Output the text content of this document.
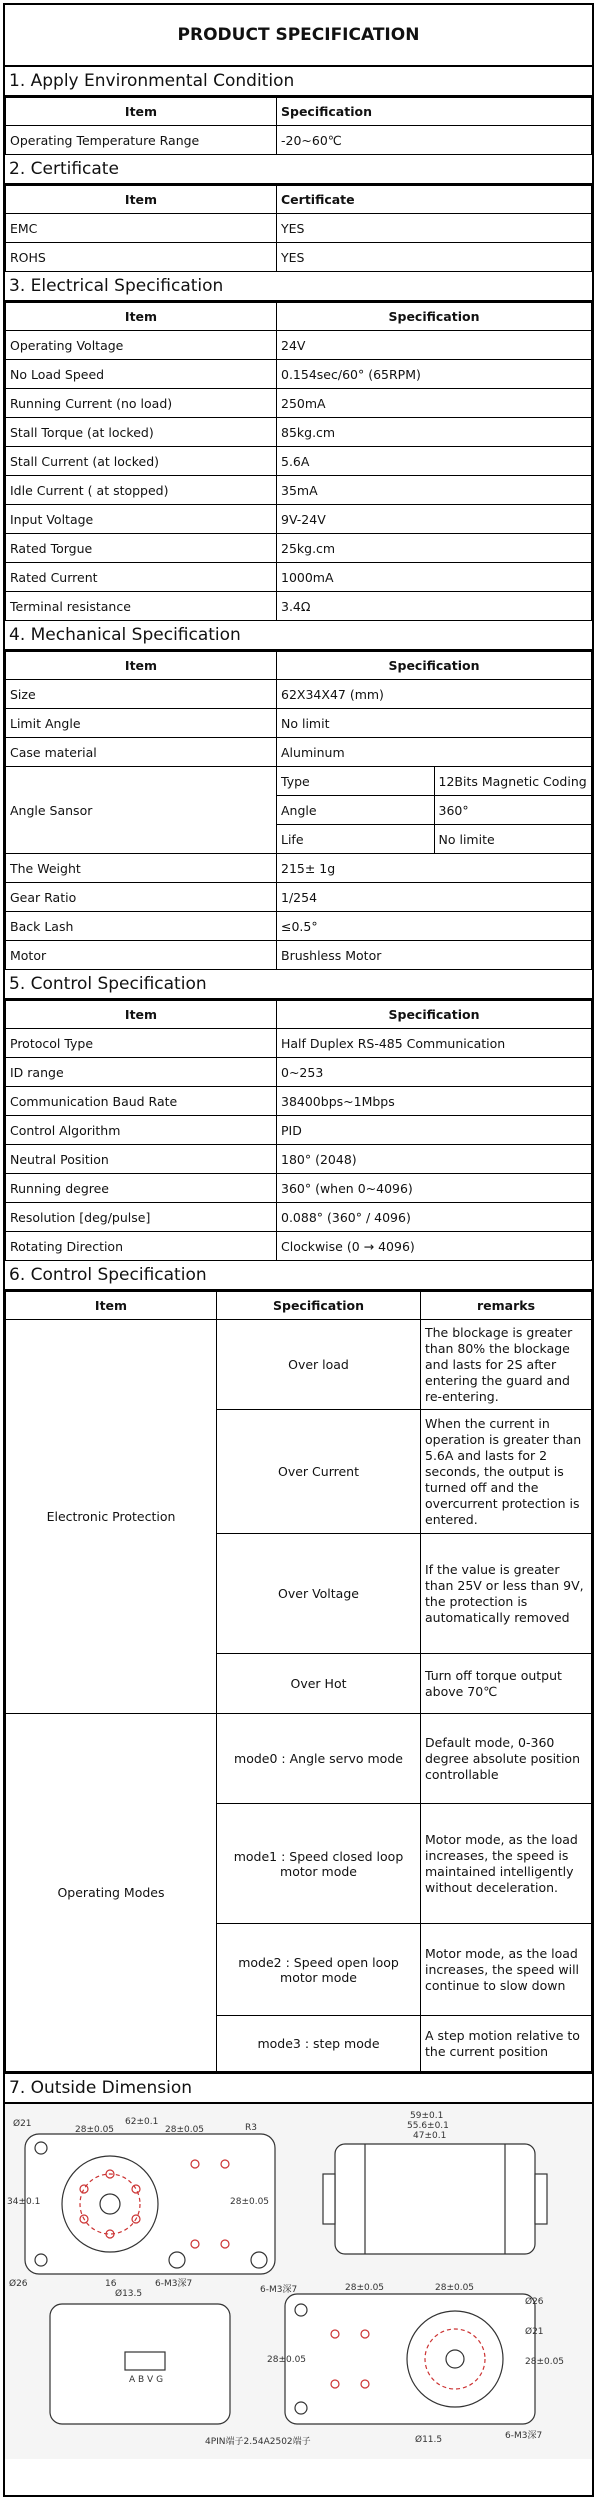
PRODUCT SPECIFICATION
1. Apply Environmental Condition
Item	Specification
Operating Temperature Range	-20~60℃
2. Certificate
Item	Certificate
EMC	YES
ROHS	YES
3. Electrical Specification
Item	Specification
Operating Voltage	24V
No Load Speed	0.154sec/60° (65RPM)
Running Current (no load)	250mA
Stall Torque (at locked)	85kg.cm
Stall Current (at locked)	5.6A
Idle Current ( at stopped)	35mA
Input Voltage	9V-24V
Rated Torgue	25kg.cm
Rated Current	1000mA
Terminal resistance	3.4Ω
4. Mechanical Specification
Item	Specification	
Size	62X34X47 (mm)	
Limit Angle	No limit	
Case material	Aluminum	
Angle Sansor	Type	12Bits Magnetic Coding
	Angle	360°
	Life	No limite
The Weight	215± 1g	
Gear Ratio	1/254	
Back Lash	≤0.5°	
Motor	Brushless Motor	
5. Control Specification
Item	Specification
Protocol Type	Half Duplex RS-485 Communication
ID range	0~253
Communication Baud Rate	38400bps~1Mbps
Control Algorithm	PID
Neutral Position	180° (2048)
Running degree	360° (when 0~4096)
Resolution [deg/pulse]	0.088° (360° / 4096)
Rotating Direction	Clockwise (0 → 4096)
6. Control Specification
Item	Specification	remarks
Electronic Protection	Over load	The blockage is greater than 80% the blockage and lasts for 2S after entering the guard and re-entering.
	Over Current	When the current in operation is greater than 5.6A and lasts for 2 seconds, the output is turned off and the overcurrent protection is entered.
	Over Voltage	If the value is greater than 25V or less than 9V, the protection is automatically removed
	Over Hot	Turn off torque output above 70℃
Operating Modes	mode0 : Angle servo mode	Default mode, 0-360 degree absolute position controllable
	mode1 : Speed closed loop motor mode	Motor mode, as the load increases, the speed is maintained intelligently without deceleration.
	mode2 : Speed open loop motor mode	Motor mode, as the load increases, the speed will continue to slow down
	mode3 : step mode	A step motion relative to the current position
7. Outside Dimension
Ø21	62±0.1
28±0.05	28±0.05	R3
34±0.1	28±0.05
Ø26	16	6-M3深7
Ø13.5
59±0.1
55.6±0.1
47±0.1
6-M3深7	28±0.05	28±0.05
Ø26
Ø21
28±0.05
28±0.05
Ø11.5	6-M3深7
4PIN端子2.54A2502端子
A B V G
